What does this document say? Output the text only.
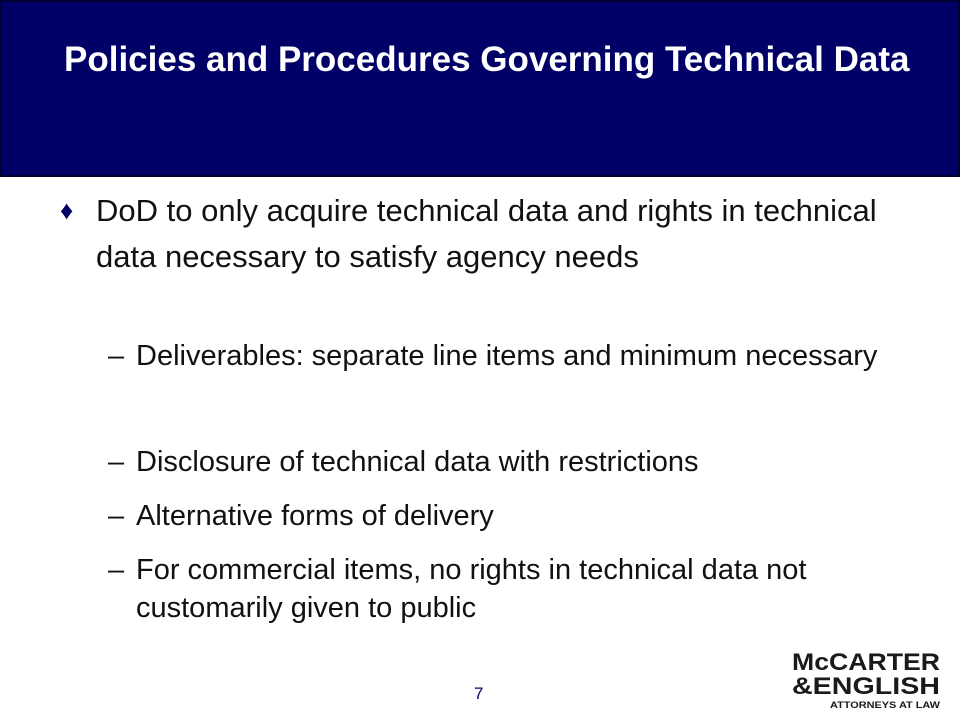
Policies and Procedures Governing Technical Data
♦ DoD to only acquire technical data and rights in technical data necessary to satisfy agency needs
– Deliverables: separate line items and minimum necessary
– Disclosure of technical data with restrictions
– Alternative forms of delivery
– For commercial items, no rights in technical data not customarily given to public
7
McCARTER
&ENGLISH
ATTORNEYS AT LAW
